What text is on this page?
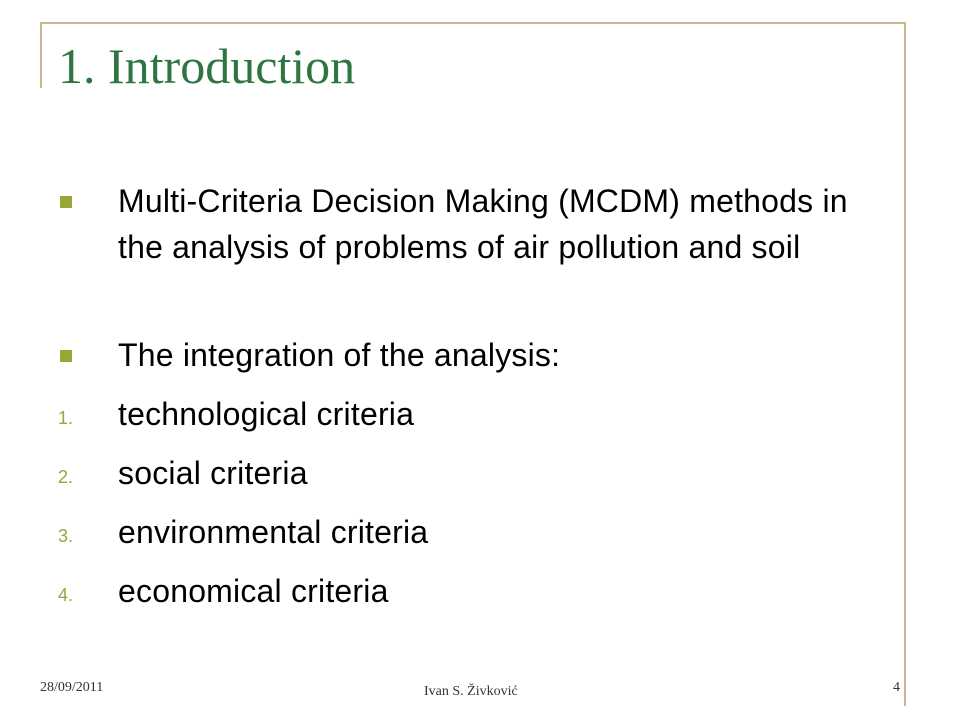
1. Introduction
Multi-Criteria Decision Making (MCDM) methods in the analysis of problems of air pollution and soil
The integration of the analysis:
1. technological criteria
2. social criteria
3. environmental criteria
4. economical criteria
28/09/2011	Ivan S. Živković	4
